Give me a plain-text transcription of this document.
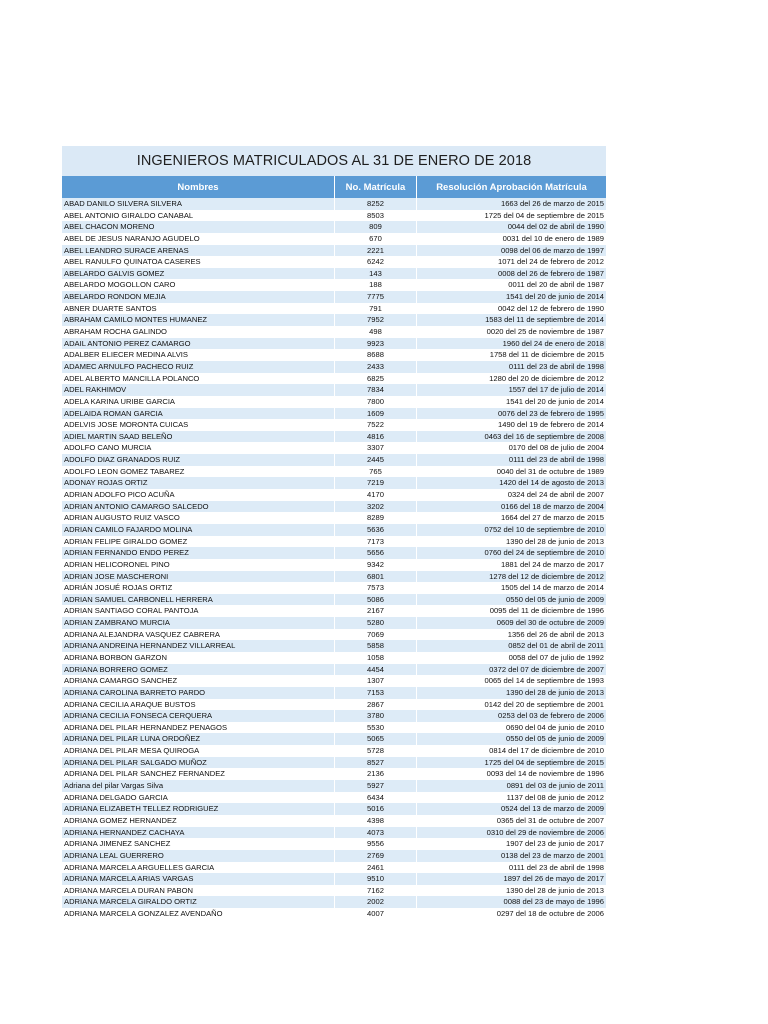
INGENIEROS MATRICULADOS AL 31 DE ENERO DE 2018
Nombres	No. Matrícula	Resolución Aprobación Matrícula
ABAD DANILO SILVERA SILVERA	8252	1663 del 26 de marzo de 2015
ABEL ANTONIO GIRALDO CANABAL	8503	1725 del 04 de septiembre de 2015
ABEL CHACON MORENO	809	0044 del 02 de abril de 1990
ABEL DE JESUS NARANJO AGUDELO	670	0031 del 10 de enero de 1989
ABEL LEANDRO SURACE ARENAS	2221	0098 del 06 de marzo de 1997
ABEL RANULFO QUINATOA CASERES	6242	1071 del 24 de febrero de 2012
ABELARDO GALVIS GOMEZ	143	0008 del 26 de febrero de 1987
ABELARDO MOGOLLON CARO	188	0011 del 20 de abril de 1987
ABELARDO RONDON MEJIA	7775	1541 del 20 de junio de 2014
ABNER DUARTE SANTOS	791	0042 del 12 de febrero de 1990
ABRAHAM CAMILO MONTES HUMANEZ	7952	1583 del 11 de septiembre de 2014
ABRAHAM ROCHA GALINDO	498	0020 del 25 de noviembre de 1987
ADAIL ANTONIO PEREZ CAMARGO	9923	1960 del 24 de enero de 2018
ADALBER ELIECER MEDINA ALVIS	8688	1758 del 11 de diciembre de 2015
ADAMEC ARNULFO PACHECO RUIZ	2433	0111 del 23 de abril de 1998
ADEL ALBERTO MANCILLA POLANCO	6825	1280 del 20 de diciembre de 2012
ADEL RAKHIMOV	7834	1557 del 17 de julio de 2014
ADELA KARINA URIBE GARCIA	7800	1541 del 20 de junio de 2014
ADELAIDA ROMAN GARCIA	1609	0076 del 23 de febrero de 1995
ADELVIS JOSE MORONTA CUICAS	7522	1490 del 19 de febrero de 2014
ADIEL MARTIN SAAD BELEÑO	4816	0463 del 16 de septiembre de 2008
ADOLFO CANO MURCIA	3307	0170 del 08 de julio de 2004
ADOLFO DIAZ GRANADOS RUIZ	2445	0111 del 23 de abril de 1998
ADOLFO LEON GOMEZ TABAREZ	765	0040 del 31 de octubre de 1989
ADONAY ROJAS ORTIZ	7219	1420 del 14 de agosto de 2013
ADRIAN ADOLFO PICO ACUÑA	4170	0324 del 24 de abril de 2007
ADRIAN ANTONIO CAMARGO SALCEDO	3202	0166 del 18 de marzo de 2004
ADRIAN AUGUSTO RUIZ VASCO	8289	1664 del 27 de marzo de 2015
ADRIAN CAMILO FAJARDO MOLINA	5636	0752 del 10 de septiembre de 2010
ADRIAN FELIPE GIRALDO GOMEZ	7173	1390 del 28 de junio de 2013
ADRIAN FERNANDO ENDO PEREZ	5656	0760 del 24 de septiembre de 2010
ADRIAN HELICORONEL PINO	9342	1881 del 24 de marzo de 2017
ADRIAN JOSE MASCHERONI	6801	1278 del 12 de diciembre de 2012
ADRIÁN JOSUÉ ROJAS ORTIZ	7573	1505 del 14 de marzo de 2014
ADRIAN SAMUEL CARBONELL HERRERA	5086	0550 del 05 de junio de 2009
ADRIAN SANTIAGO CORAL PANTOJA	2167	0095 del 11 de diciembre de 1996
ADRIAN ZAMBRANO MURCIA	5280	0609 del 30 de octubre de 2009
ADRIANA ALEJANDRA VASQUEZ CABRERA	7069	1356 del 26 de abril de 2013
ADRIANA ANDREINA HERNANDEZ VILLARREAL	5858	0852 del 01 de abril de 2011
ADRIANA BORBON GARZON	1058	0058 del 07 de julio de 1992
ADRIANA BORRERO GOMEZ	4454	0372 del 07 de diciembre de 2007
ADRIANA CAMARGO SANCHEZ	1307	0065 del 14 de septiembre de 1993
ADRIANA CAROLINA BARRETO PARDO	7153	1390 del 28 de junio de 2013
ADRIANA CECILIA ARAQUE BUSTOS	2867	0142 del 20 de septiembre de 2001
ADRIANA CECILIA FONSECA CERQUERA	3780	0253 del 03 de febrero de 2006
ADRIANA DEL PILAR HERNANDEZ PENAGOS	5530	0690 del 04 de junio de 2010
ADRIANA DEL PILAR LUNA ORDOÑEZ	5065	0550 del 05 de junio de 2009
ADRIANA DEL PILAR MESA QUIROGA	5728	0814 del 17 de diciembre de 2010
ADRIANA DEL PILAR SALGADO MUÑOZ	8527	1725 del 04 de septiembre de 2015
ADRIANA DEL PILAR SANCHEZ FERNANDEZ	2136	0093 del 14 de noviembre de 1996
Adriana del pilar Vargas Silva	5927	0891 del 03 de junio de 2011
ADRIANA DELGADO GARCIA	6434	1137 del 08 de junio de 2012
ADRIANA ELIZABETH TELLEZ RODRIGUEZ	5016	0524 del 13 de marzo de 2009
ADRIANA GOMEZ HERNANDEZ	4398	0365 del 31 de octubre de 2007
ADRIANA HERNANDEZ CACHAYA	4073	0310 del 29 de noviembre de 2006
ADRIANA JIMENEZ SANCHEZ	9556	1907 del 23 de junio de 2017
ADRIANA LEAL GUERRERO	2769	0138 del 23 de marzo de 2001
ADRIANA MARCELA ARGUELLES GARCIA	2461	0111 del 23 de abril de 1998
ADRIANA MARCELA ARIAS VARGAS	9510	1897 del 26 de mayo de 2017
ADRIANA MARCELA DURAN PABON	7162	1390 del 28 de junio de 2013
ADRIANA MARCELA GIRALDO ORTIZ	2002	0088 del 23 de mayo de 1996
ADRIANA MARCELA GONZALEZ AVENDAÑO	4007	0297 del 18 de octubre de 2006
